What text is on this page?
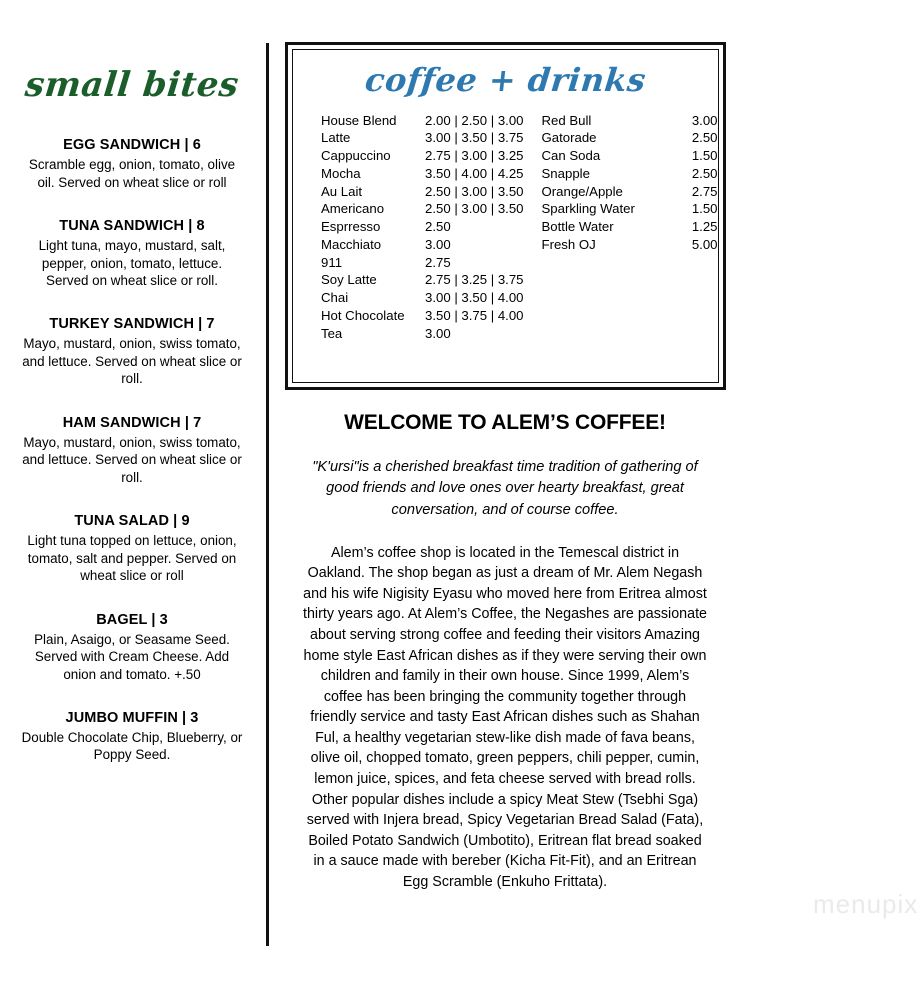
small bites
EGG SANDWICH | 6
Scramble egg, onion, tomato, olive oil. Served on wheat slice or roll
TUNA SANDWICH | 8
Light tuna, mayo, mustard, salt, pepper, onion, tomato, lettuce. Served on wheat slice or roll.
TURKEY SANDWICH | 7
Mayo, mustard, onion, swiss tomato, and lettuce. Served on wheat slice or roll.
HAM SANDWICH | 7
Mayo, mustard, onion, swiss tomato, and lettuce. Served on wheat slice or roll.
TUNA SALAD | 9
Light tuna topped on lettuce, onion, tomato, salt and pepper. Served on wheat slice or roll
BAGEL | 3
Plain, Asaigo, or Seasame Seed. Served with Cream Cheese. Add onion and tomato. +.50
JUMBO MUFFIN | 3
Double Chocolate Chip, Blueberry, or Poppy Seed.
coffee + drinks
House Blend	2.00 | 2.50 | 3.00
Latte	3.00 | 3.50 | 3.75
Cappuccino	2.75 | 3.00 | 3.25
Mocha	3.50 | 4.00 | 4.25
Au Lait	2.50 | 3.00 | 3.50
Americano	2.50 | 3.00 | 3.50
Esprresso	2.50
Macchiato	3.00
911	2.75
Soy Latte	2.75 | 3.25 | 3.75
Chai	3.00 | 3.50 | 4.00
Hot Chocolate	3.50 | 3.75 | 4.00
Tea	3.00
Red Bull	3.00
Gatorade	2.50
Can Soda	1.50
Snapple	2.50
Orange/Apple	2.75
Sparkling Water	1.50
Bottle Water	1.25
Fresh OJ	5.00
WELCOME TO ALEM’S COFFEE!
"K'ursi"is a cherished breakfast time tradition of gathering of good friends and love ones over hearty breakfast, great conversation, and of course coffee.
Alem’s coffee shop is located in the Temescal district in Oakland. The shop began as just a dream of Mr. Alem Negash and his wife Nigisity Eyasu who moved here from Eritrea almost thirty years ago. At Alem’s Coffee, the Negashes are passionate about serving strong coffee and feeding their visitors Amazing home style East African dishes as if they were serving their own children and family in their own house. Since 1999, Alem’s coffee has been bringing the community together through friendly service and tasty East African dishes such as Shahan Ful, a healthy vegetarian stew-like dish made of fava beans, olive oil, chopped tomato, green peppers, chili pepper, cumin, lemon juice, spices, and feta cheese served with bread rolls. Other popular dishes include a spicy Meat Stew (Tsebhi Sga) served with Injera bread, Spicy Vegetarian Bread Salad (Fata), Boiled Potato Sandwich (Umbotito), Eritrean flat bread soaked in a sauce made with bereber (Kicha Fit-Fit), and an Eritrean Egg Scramble (Enkuho Frittata).
menupix
